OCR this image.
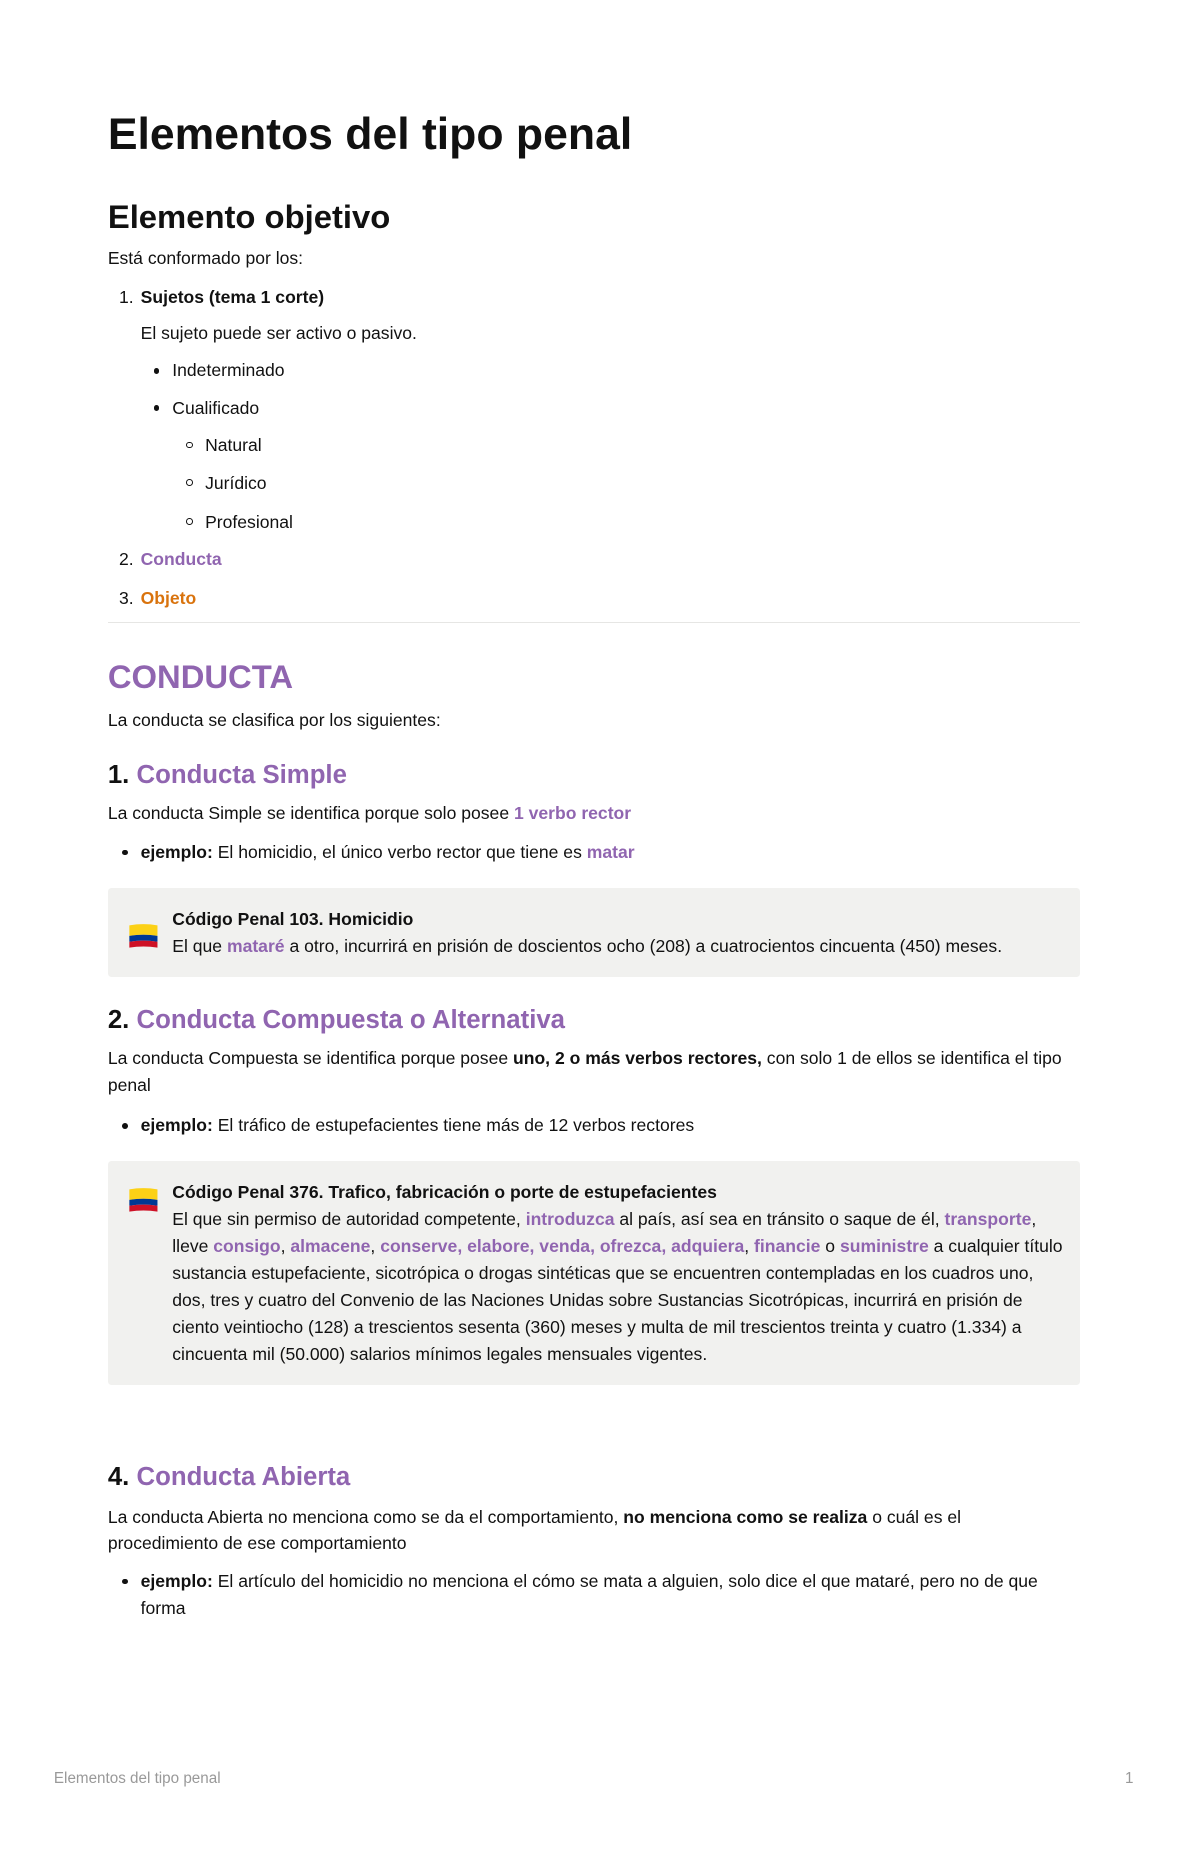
Elementos del tipo penal
Elemento objetivo
Está conformado por los:
1. Sujetos (tema 1 corte)
El sujeto puede ser activo o pasivo.
Indeterminado
Cualificado
Natural
Jurídico
Profesional
2. Conducta
3. Objeto
CONDUCTA
La conducta se clasifica por los siguientes:
1. Conducta Simple
La conducta Simple se identifica porque solo posee 1 verbo rector
ejemplo: El homicidio, el único verbo rector que tiene es matar
Código Penal 103. Homicidio
El que mataré a otro, incurrirá en prisión de doscientos ocho (208) a cuatrocientos cincuenta (450) meses.
2. Conducta Compuesta o Alternativa
La conducta Compuesta se identifica porque posee uno, 2 o más verbos rectores, con solo 1 de ellos se identifica el tipo penal
ejemplo: El tráfico de estupefacientes tiene más de 12 verbos rectores
Código Penal 376. Trafico, fabricación o porte de estupefacientes
El que sin permiso de autoridad competente, introduzca al país, así sea en tránsito o saque de él, transporte, lleve consigo, almacene, conserve, elabore, venda, ofrezca, adquiera, financie o suministre a cualquier título sustancia estupefaciente, sicotrópica o drogas sintéticas que se encuentren contempladas en los cuadros uno, dos, tres y cuatro del Convenio de las Naciones Unidas sobre Sustancias Sicotrópicas, incurrirá en prisión de ciento veintiocho (128) a trescientos sesenta (360) meses y multa de mil trescientos treinta y cuatro (1.334) a cincuenta mil (50.000) salarios mínimos legales mensuales vigentes.
4. Conducta Abierta
La conducta Abierta no menciona como se da el comportamiento, no menciona como se realiza o cuál es el procedimiento de ese comportamiento
ejemplo: El artículo del homicidio no menciona el cómo se mata a alguien, solo dice el que mataré, pero no de que forma
Elementos del tipo penal	1
